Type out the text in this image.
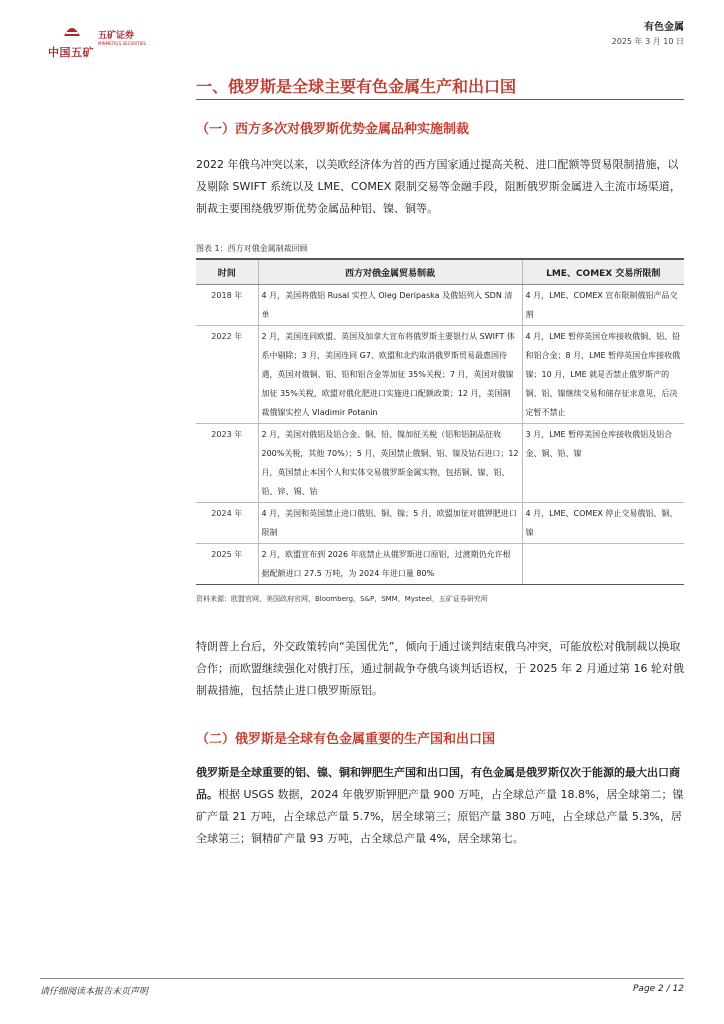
中国五矿
五矿证券
MINMETALS SECURITIES
有色金属
2025 年 3 月 10 日
一、俄罗斯是全球主要有色金属生产和出口国
（一）西方多次对俄罗斯优势金属品种实施制裁
2022 年俄乌冲突以来，以美欧经济体为首的西方国家通过提高关税、进口配额等贸易限制措施，以及剔除 SWIFT 系统以及 LME、COMEX 限制交易等金融手段，阻断俄罗斯金属进入主流市场渠道，制裁主要围绕俄罗斯优势金属品种铝、镍、铜等。
图表 1：西方对俄金属制裁回顾
时间	西方对俄金属贸易制裁	LME、COMEX 交易所限制
2018 年	4 月，美国将俄铝 Rusal 实控人 Oleg Deripaska 及俄铝列入 SDN 清单	4 月，LME、COMEX 宣布限制俄铝产品交割
2022 年	2 月，美国连同欧盟、英国及加拿大宣布将俄罗斯主要银行从 SWIFT 体系中剔除；3 月，美国连同 G7、欧盟和北约取消俄罗斯贸易最惠国待遇，英国对俄铜、铝、铅和铝合金等加征 35%关税；7 月，英国对俄镍加征 35%关税，欧盟对俄化肥进口实施进口配额政策；12 月，美国制裁俄镍实控人 Vladimir Potanin	4 月，LME 暂停英国仓库接收俄铜、铝、铅和铝合金；8 月，LME 暂停英国仓库接收俄镍；10 月，LME 就是否禁止俄罗斯产的铜、铝、镍继续交易和储存征求意见，后决定暂不禁止
2023 年	2 月，美国对俄铝及铝合金、铜、铅、镍加征关税（铝和铝制品征收 200%关税，其他 70%）；5 月，英国禁止俄铜、铝、镍及钴石进口；12 月，英国禁止本国个人和实体交易俄罗斯金属实物，包括铜、镍、铝、铅、锌、锡、钴	3 月，LME 暂停美国仓库接收俄铝及铝合金、铜、铅、镍
2024 年	4 月，美国和英国禁止进口俄铝、铜、镍；5 月，欧盟加征对俄钾肥进口限制	4 月，LME、COMEX 停止交易俄铝、铜、镍
2025 年	2 月，欧盟宣布到 2026 年底禁止从俄罗斯进口原铝，过渡期仍允许根据配额进口 27.5 万吨，为 2024 年进口量 80%	
资料来源：欧盟官网，美国政府官网，Bloomberg，S&P，SMM，Mysteel，五矿证券研究所
特朗普上台后，外交政策转向“美国优先”，倾向于通过谈判结束俄乌冲突，可能放松对俄制裁以换取合作；而欧盟继续强化对俄打压，通过制裁争夺俄乌谈判话语权，于 2025 年 2 月通过第 16 轮对俄制裁措施，包括禁止进口俄罗斯原铝。
（二）俄罗斯是全球有色金属重要的生产国和出口国
俄罗斯是全球重要的铝、镍、铜和钾肥生产国和出口国，有色金属是俄罗斯仅次于能源的最大出口商品。根据 USGS 数据，2024 年俄罗斯钾肥产量 900 万吨，占全球总产量 18.8%，居全球第二；镍矿产量 21 万吨，占全球总产量 5.7%，居全球第三；原铝产量 380 万吨，占全球总产量 5.3%，居全球第三；铜精矿产量 93 万吨，占全球总产量 4%，居全球第七。
请仔细阅读本报告末页声明	Page 2 / 12
